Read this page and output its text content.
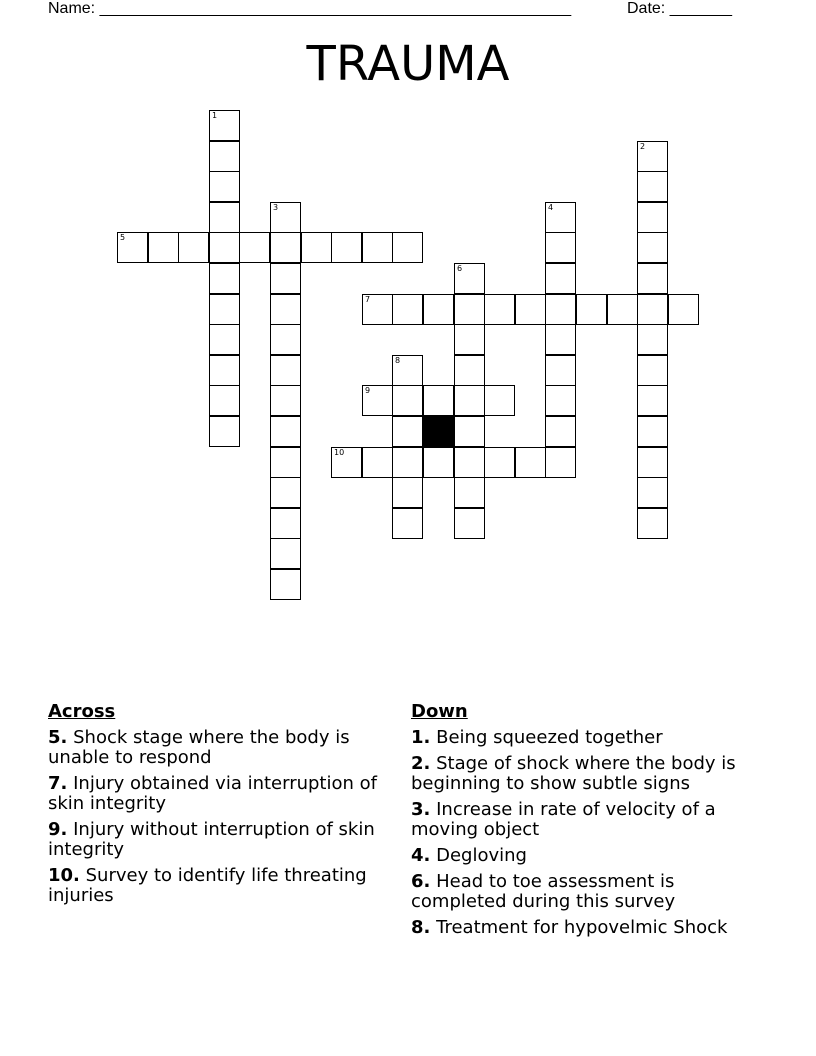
Name: _____________________________________________________	Date: _______
TRAUMA
1
2
3	4
5
6
7
8
9
10
Across
5. Shock stage where the body is unable to respond
7. Injury obtained via interruption of skin integrity
9. Injury without interruption of skin integrity
10. Survey to identify life threating injuries
Down
1. Being squeezed together
2. Stage of shock where the body is beginning to show subtle signs
3. Increase in rate of velocity of a moving object
4. Degloving
6. Head to toe assessment is completed during this survey
8. Treatment for hypovelmic Shock
